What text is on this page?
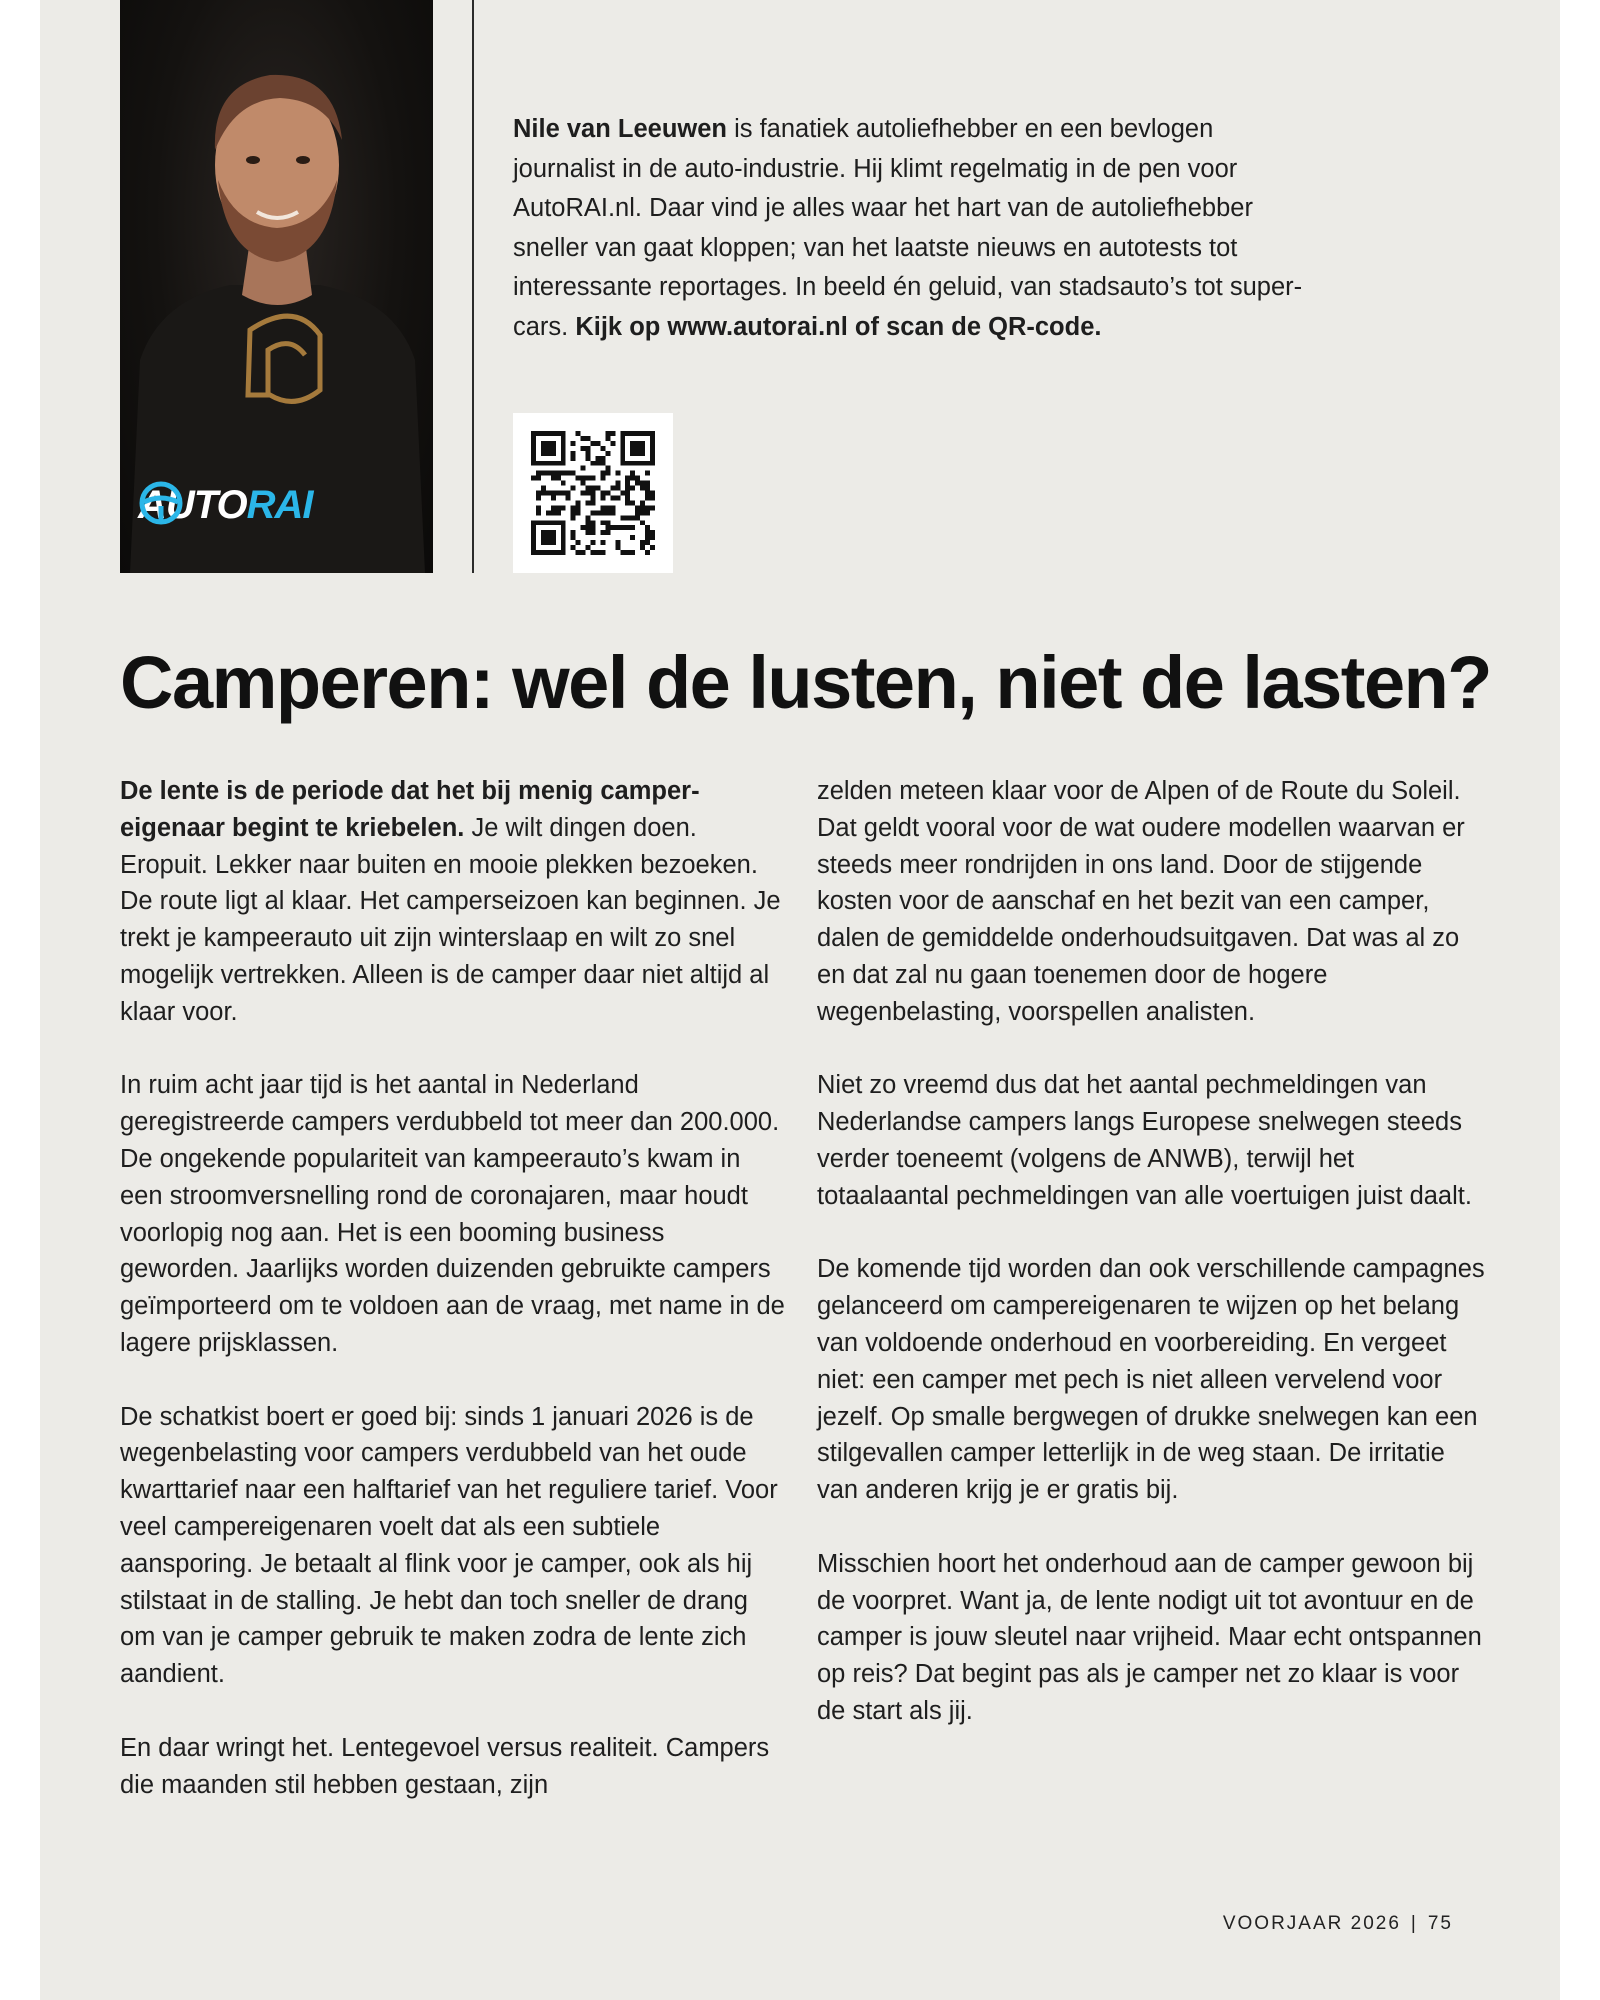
AUTORAI
Nile van Leeuwen is fanatiek autoliefhebber en een bevlogen journalist in de auto-industrie. Hij klimt regelmatig in de pen voor AutoRAI.nl. Daar vind je alles waar het hart van de autoliefhebber sneller van gaat kloppen; van het laatste nieuws en autotests tot interessante reportages. In beeld én geluid, van stadsauto’s tot supercars. Kijk op www.autorai.nl of scan de QR-code.
Camperen: wel de lusten, niet de lasten?

De lente is de periode dat het bij menig campereigenaar begint te kriebelen. Je wilt dingen doen. Eropuit. Lekker naar buiten en mooie plekken bezoeken. De route ligt al klaar. Het camperseizoen kan beginnen. Je trekt je kampeerauto uit zijn winterslaap en wilt zo snel mogelijk vertrekken. Alleen is de camper daar niet altijd al klaar voor.

In ruim acht jaar tijd is het aantal in Nederland geregistreerde campers verdubbeld tot meer dan 200.000. De ongekende populariteit van kampeerauto’s kwam in een stroomversnelling rond de coronajaren, maar houdt voorlopig nog aan. Het is een booming business geworden. Jaarlijks worden duizenden gebruikte campers geïmporteerd om te voldoen aan de vraag, met name in de lagere prijsklassen.

De schatkist boert er goed bij: sinds 1 januari 2026 is de wegenbelasting voor campers verdubbeld van het oude kwarttarief naar een halftarief van het reguliere tarief. Voor veel campereigenaren voelt dat als een subtiele aansporing. Je betaalt al flink voor je camper, ook als hij stilstaat in de stalling. Je hebt dan toch sneller de drang om van je camper gebruik te maken zodra de lente zich aandient.

En daar wringt het. Lentegevoel versus realiteit. Campers die maanden stil hebben gestaan, zijn

zelden meteen klaar voor de Alpen of de Route du Soleil. Dat geldt vooral voor de wat oudere modellen waarvan er steeds meer rondrijden in ons land. Door de stijgende kosten voor de aanschaf en het bezit van een camper, dalen de gemiddelde onderhoudsuitgaven. Dat was al zo en dat zal nu gaan toenemen door de hogere wegenbelasting, voorspellen analisten.

Niet zo vreemd dus dat het aantal pechmeldingen van Nederlandse campers langs Europese snelwegen steeds verder toeneemt (volgens de ANWB), terwijl het totaalaantal pechmeldingen van alle voertuigen juist daalt.

De komende tijd worden dan ook verschillende campagnes gelanceerd om campereigenaren te wijzen op het belang van voldoende onderhoud en voorbereiding. En vergeet niet: een camper met pech is niet alleen vervelend voor jezelf. Op smalle bergwegen of drukke snelwegen kan een stilgevallen camper letterlijk in de weg staan. De irritatie van anderen krijg je er gratis bij.

Misschien hoort het onderhoud aan de camper gewoon bij de voorpret. Want ja, de lente nodigt uit tot avontuur en de camper is jouw sleutel naar vrijheid. Maar echt ontspannen op reis? Dat begint pas als je camper net zo klaar is voor de start als jij.

VOORJAAR 2026 | 75
